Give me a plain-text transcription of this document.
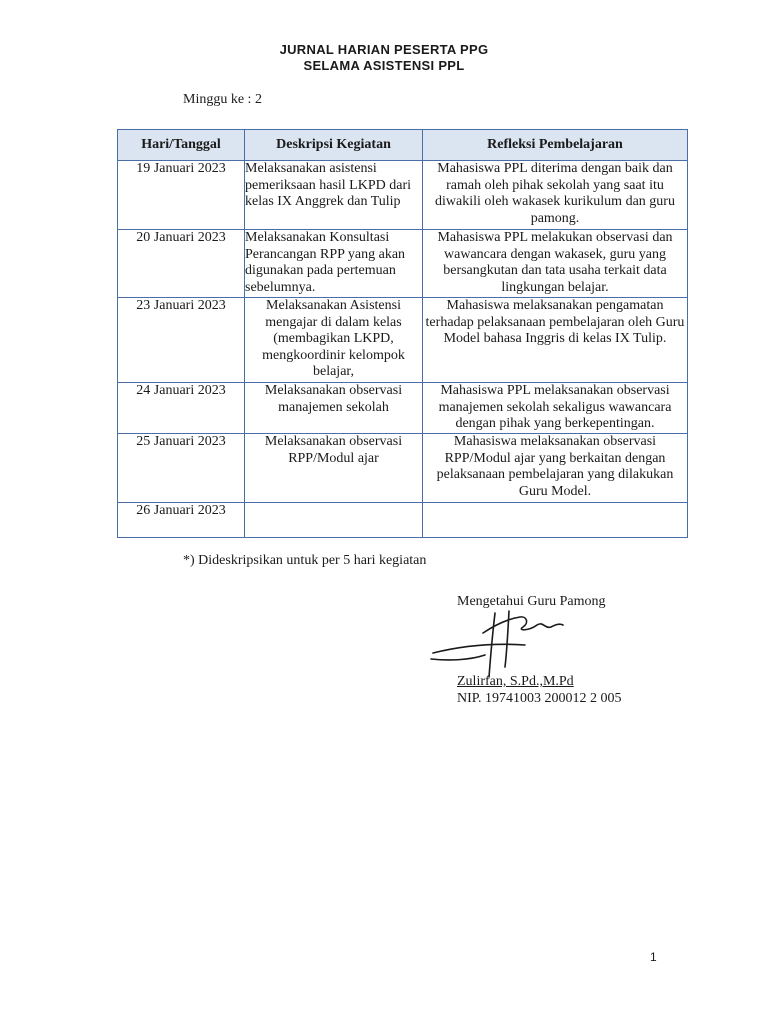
JURNAL HARIAN PESERTA PPG
SELAMA ASISTENSI PPL
Minggu ke : 2
Hari/Tanggal	Deskripsi Kegiatan	Refleksi Pembelajaran
19 Januari 2023	Melaksanakan asistensi pemeriksaan hasil LKPD dari kelas IX Anggrek dan Tulip	Mahasiswa PPL diterima dengan baik dan ramah oleh pihak sekolah yang saat itu diwakili oleh wakasek kurikulum dan guru pamong.
20 Januari 2023	Melaksanakan Konsultasi Perancangan RPP yang akan digunakan pada pertemuan sebelumnya.	Mahasiswa PPL melakukan observasi dan wawancara dengan wakasek, guru yang bersangkutan dan tata usaha terkait data lingkungan belajar.
23 Januari 2023	Melaksanakan Asistensi mengajar di dalam kelas (membagikan LKPD, mengkoordinir kelompok belajar,	Mahasiswa melaksanakan pengamatan terhadap pelaksanaan pembelajaran oleh Guru Model bahasa Inggris di kelas IX Tulip.
24 Januari 2023	Melaksanakan observasi manajemen sekolah	Mahasiswa PPL melaksanakan observasi manajemen sekolah sekaligus wawancara dengan pihak yang berkepentingan.
25 Januari 2023	Melaksanakan observasi RPP/Modul ajar	Mahasiswa melaksanakan observasi RPP/Modul ajar yang berkaitan dengan pelaksanaan pembelajaran yang dilakukan Guru Model.
26 Januari 2023		
*) Dideskripsikan untuk per 5 hari kegiatan
Mengetahui Guru Pamong
Zulirfan, S.Pd.,M.Pd
NIP. 19741003 200012 2 005
1
